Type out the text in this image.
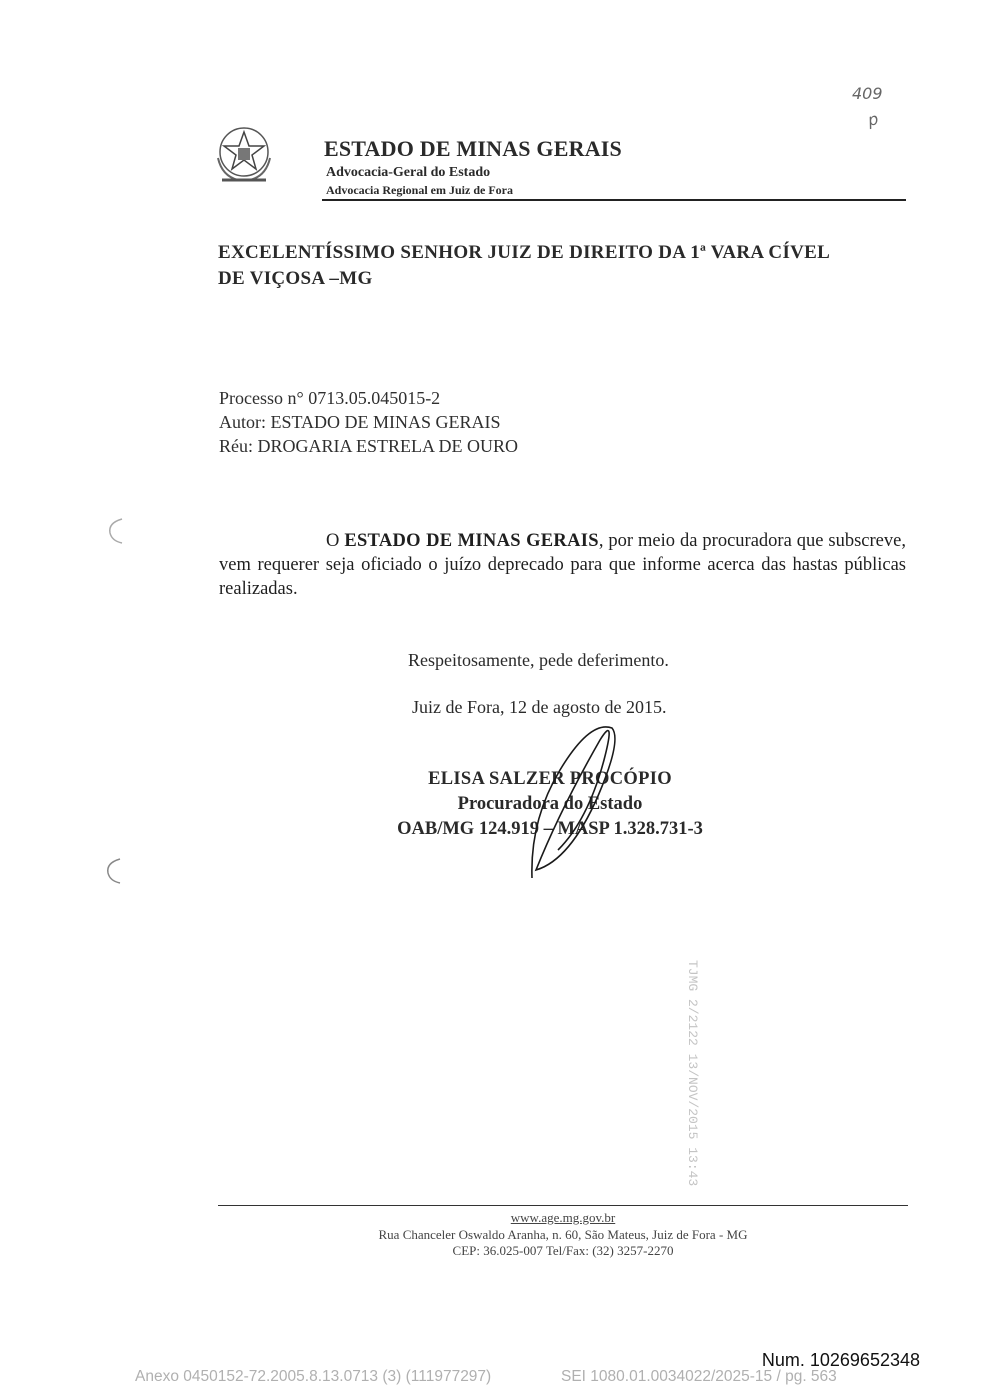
409
p
ESTADO DE MINAS GERAIS
Advocacia-Geral do Estado
Advocacia Regional em Juiz de Fora
EXCELENTÍSSIMO SENHOR JUIZ DE DIREITO DA 1ª VARA CÍVEL
DE VIÇOSA –MG
Processo n° 0713.05.045015-2
Autor: ESTADO DE MINAS GERAIS
Réu: DROGARIA ESTRELA DE OURO
O ESTADO DE MINAS GERAIS, por meio da procuradora que subscreve, vem requerer seja oficiado o juízo deprecado para que informe acerca das hastas públicas realizadas.
Respeitosamente, pede deferimento.
Juiz de Fora, 12 de agosto de 2015.
ELISA SALZER PROCÓPIO
Procuradora do Estado
OAB/MG 124.919 – MASP 1.328.731-3
TJMG 2/2122 13/NOV/2015 13:43
www.age.mg.gov.br
Rua Chanceler Oswaldo Aranha, n. 60, São Mateus, Juiz de Fora - MG
CEP: 36.025-007 Tel/Fax: (32) 3257-2270
Num. 10269652348
Anexo 0450152-72.2005.8.13.0713 (3) (111977297)	SEI 1080.01.0034022/2025-15 / pg. 563
